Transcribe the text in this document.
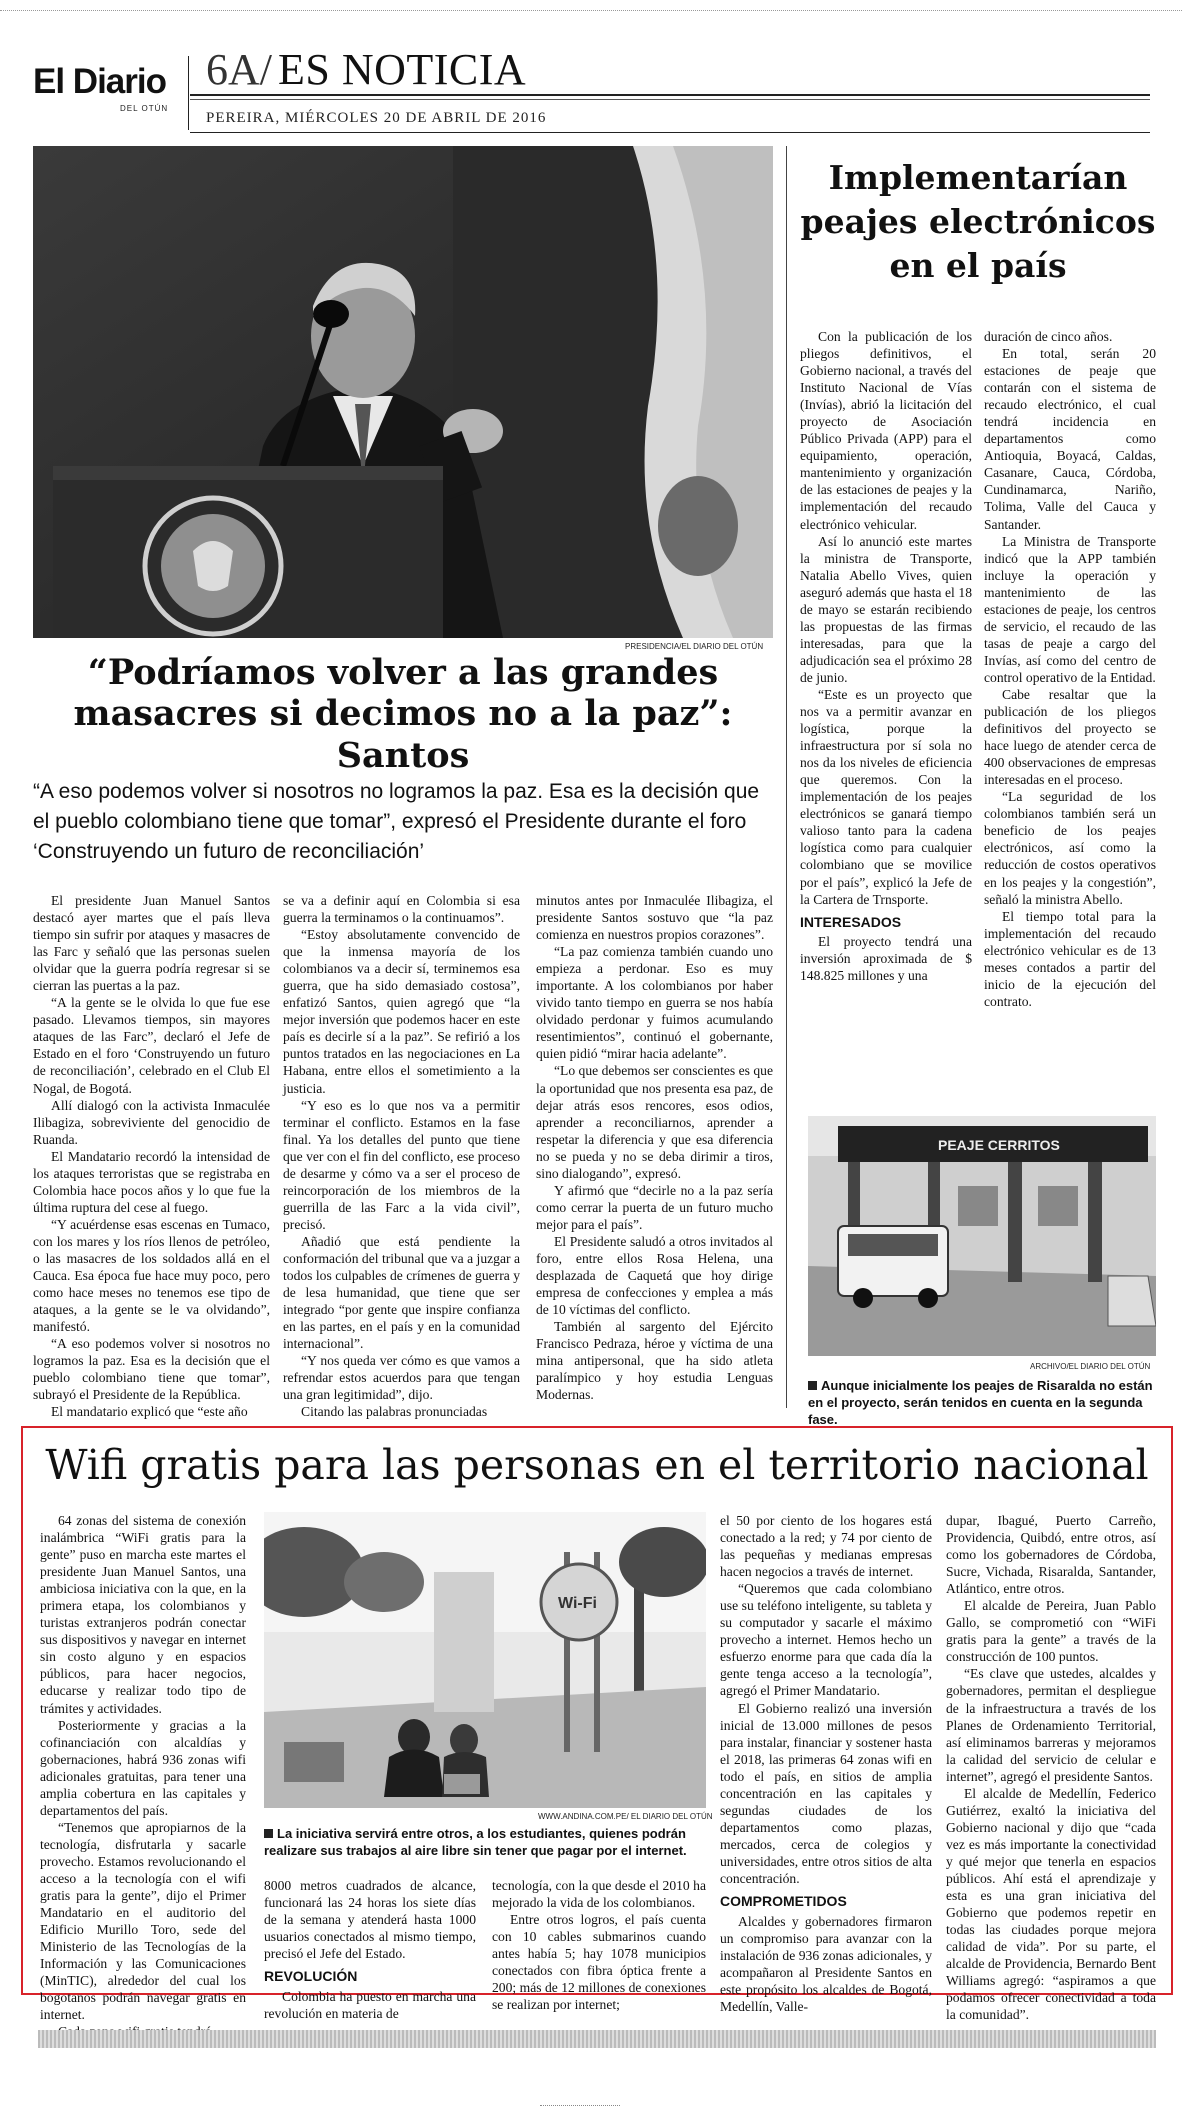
El Diario
DEL OTÚN
6A/ ES NOTICIA
PEREIRA, MIÉRCOLES 20 DE ABRIL DE 2016
PRESIDENCIA/EL DIARIO DEL OTÚN
“Podríamos volver a las grandes masacres si decimos no a la paz”: Santos
“A eso podemos volver si nosotros no logramos la paz. Esa es la decisión que el pueblo colombiano tiene que tomar”, expresó el Presidente durante el foro ‘Construyendo un futuro de reconciliación’

El presidente Juan Manuel Santos destacó ayer martes que el país lleva tiempo sin sufrir por ataques y masacres de las Farc y señaló que las personas suelen olvidar que la guerra podría regresar si se cierran las puertas a la paz.

“A la gente se le olvida lo que fue ese pasado. Llevamos tiempos, sin mayores ataques de las Farc”, declaró el Jefe de Estado en el foro ‘Construyendo un futuro de reconciliación’, celebrado en el Club El Nogal, de Bogotá.

Allí dialogó con la activista Inmaculée Ilibagiza, sobreviviente del genocidio de Ruanda.

El Mandatario recordó la intensidad de los ataques terroristas que se registraba en Colombia hace pocos años y lo que fue la última ruptura del cese al fuego.

“Y acuérdense esas escenas en Tumaco, con los mares y los ríos llenos de petróleo, o las masacres de los soldados allá en el Cauca. Esa época fue hace muy poco, pero como hace meses no tenemos ese tipo de ataques, a la gente se le va olvidando”, manifestó.

“A eso podemos volver si nosotros no logramos la paz. Esa es la decisión que el pueblo colombiano tiene que tomar”, subrayó el Presidente de la República.

El mandatario explicó que “este año

se va a definir aquí en Colombia si esa guerra la terminamos o la continuamos”.

“Estoy absolutamente convencido de que la inmensa mayoría de los colombianos va a decir sí, terminemos esa guerra, que ha sido demasiado costosa”, enfatizó Santos, quien agregó que “la mejor inversión que podemos hacer en este país es decirle sí a la paz”. Se refirió a los puntos tratados en las negociaciones en La Habana, entre ellos el sometimiento a la justicia.

“Y eso es lo que nos va a permitir terminar el conflicto. Estamos en la fase final. Ya los detalles del punto que tiene que ver con el fin del conflicto, ese proceso de desarme y cómo va a ser el proceso de reincorporación de los miembros de la guerrilla de las Farc a la vida civil”, precisó.

Añadió que está pendiente la conformación del tribunal que va a juzgar a todos los culpables de crímenes de guerra y de lesa humanidad, que tiene que ser integrado “por gente que inspire confianza en las partes, en el país y en la comunidad internacional”.

“Y nos queda ver cómo es que vamos a refrendar estos acuerdos para que tengan una gran legitimidad”, dijo.

Citando las palabras pronunciadas

minutos antes por Inmaculée Ilibagiza, el presidente Santos sostuvo que “la paz comienza en nuestros propios corazones”.

“La paz comienza también cuando uno empieza a perdonar. Eso es muy importante. A los colombianos por haber vivido tanto tiempo en guerra se nos había olvidado perdonar y fuimos acumulando resentimientos”, continuó el gobernante, quien pidió “mirar hacia adelante”.

“Lo que debemos ser conscientes es que la oportunidad que nos presenta esa paz, de dejar atrás esos rencores, esos odios, aprender a reconciliarnos, aprender a respetar la diferencia y que esa diferencia no se pueda y no se deba dirimir a tiros, sino dialogando”, expresó.

Y afirmó que “decirle no a la paz sería como cerrar la puerta de un futuro mucho mejor para el país”.

El Presidente saludó a otros invitados al foro, entre ellos Rosa Helena, una desplazada de Caquetá que hoy dirige empresa de confecciones y emplea a más de 10 víctimas del conflicto.

También al sargento del Ejército Francisco Pedraza, héroe y víctima de una mina antipersonal, que ha sido atleta paralímpico y hoy estudia Lenguas Modernas.

Implementarían peajes electrónicos en el país

Con la publicación de los pliegos definitivos, el Gobierno nacional, a través del Instituto Nacional de Vías (Invías), abrió la licitación del proyecto de Asociación Público Privada (APP) para el equipamiento, operación, mantenimiento y organización de las estaciones de peajes y la implementación del recaudo electrónico vehicular.

Así lo anunció este martes la ministra de Transporte, Natalia Abello Vives, quien aseguró además que hasta el 18 de mayo se estarán recibiendo las propuestas de las firmas interesadas, para que la adjudicación sea el próximo 28 de junio.

“Este es un proyecto que nos va a permitir avanzar en logística, porque la infraestructura por sí sola no nos da los niveles de eficiencia que queremos. Con la implementación de los peajes electrónicos se ganará tiempo valioso tanto para la cadena logística como para cualquier colombiano que se movilice por el país”, explicó la Jefe de la Cartera de Trnsporte.

INTERESADOS

El proyecto tendrá una inversión aproximada de $ 148.825 millones y una

duración de cinco años.

En total, serán 20 estaciones de peaje que contarán con el sistema de recaudo electrónico, el cual tendrá incidencia en departamentos como Antioquia, Boyacá, Caldas, Casanare, Cauca, Córdoba, Cundinamarca, Nariño, Tolima, Valle del Cauca y Santander.

La Ministra de Transporte indicó que la APP también incluye la operación y mantenimiento de las estaciones de peaje, los centros de servicio, el recaudo de las tasas de peaje a cargo del Invías, así como del centro de control operativo de la Entidad.

Cabe resaltar que la publicación de los pliegos definitivos del proyecto se hace luego de atender cerca de 400 observaciones de empresas interesadas en el proceso.

“La seguridad de los colombianos también será un beneficio de los peajes electrónicos, así como la reducción de costos operativos en los peajes y la congestión”, señaló la ministra Abello.

El tiempo total para la implementación del recaudo electrónico vehicular es de 13 meses contados a partir del inicio de la ejecución del contrato.

PEAJE CERRITOS
ARCHIVO/EL DIARIO DEL OTÚN
Aunque inicialmente los peajes de Risaralda no están en el proyecto, serán tenidos en cuenta en la segunda fase.
Wifi gratis para las personas en el territorio nacional

64 zonas del sistema de conexión inalámbrica “WiFi gratis para la gente” puso en marcha este martes el presidente Juan Manuel Santos, una ambiciosa iniciativa con la que, en la primera etapa, los colombianos y turistas extranjeros podrán conectar sus dispositivos y navegar en internet sin costo alguno y en espacios públicos, para hacer negocios, educarse y realizar todo tipo de trámites y actividades.

Posteriormente y gracias a la cofinanciación con alcaldías y gobernaciones, habrá 936 zonas wifi adicionales gratuitas, para tener una amplia cobertura en las capitales y departamentos del país.

“Tenemos que apropiarnos de la tecnología, disfrutarla y sacarle provecho. Estamos revolucionando el acceso a la tecnología con el wifi gratis para la gente”, dijo el Primer Mandatario en el auditorio del Edificio Murillo Toro, sede del Ministerio de las Tecnologías de la Información y las Comunicaciones (MinTIC), alrededor del cual los bogotanos podrán navegar gratis en internet.

Wi-Fi
WWW.ANDINA.COM.PE/ EL DIARIO DEL OTÚN
La iniciativa servirá entre otros, a los estudiantes, quienes podrán realizare sus trabajos al aire libre sin tener que pagar por el internet.

8000 metros cuadrados de alcance, funcionará las 24 horas los siete días de la semana y atenderá hasta 1000 usuarios conectados al mismo tiempo, precisó el Jefe del Estado.

REVOLUCIÓN

Colombia ha puesto en marcha una revolución en materia de

tecnología, con la que desde el 2010 ha mejorado la vida de los colombianos.

Entre otros logros, el país cuenta con 10 cables submarinos cuando antes había 5; hay 1078 municipios conectados con fibra óptica frente a 200; más de 12 millones de conexiones se realizan por internet;

el 50 por ciento de los hogares está conectado a la red; y 74 por ciento de las pequeñas y medianas empresas hacen negocios a través de internet.

“Queremos que cada colombiano use su teléfono inteligente, su tableta y su computador y sacarle el máximo provecho a internet. Hemos hecho un esfuerzo enorme para que cada día la gente tenga acceso a la tecnología”, agregó el Primer Mandatario.

El Gobierno realizó una inversión inicial de 13.000 millones de pesos para instalar, financiar y sostener hasta el 2018, las primeras 64 zonas wifi en todo el país, en sitios de amplia concentración en las capitales y segundas ciudades de los departamentos como plazas, mercados, cerca de colegios y universidades, entre otros sitios de alta concentración.

COMPROMETIDOS

Alcaldes y gobernadores firmaron un compromiso para avanzar con la instalación de 936 zonas adicionales, y acompañaron al Presidente Santos en este propósito los alcaldes de Bogotá, Medellín, Valle-

dupar, Ibagué, Puerto Carreño, Providencia, Quibdó, entre otros, así como los gobernadores de Córdoba, Sucre, Vichada, Risaralda, Santander, Atlántico, entre otros.

El alcalde de Pereira, Juan Pablo Gallo, se comprometió con “WiFi gratis para la gente” a través de la construcción de 100 puntos.

“Es clave que ustedes, alcaldes y gobernadores, permitan el despliegue de la infraestructura a través de los Planes de Ordenamiento Territorial, así eliminamos barreras y mejoramos la calidad del servicio de celular e internet”, agregó el presidente Santos.

El alcalde de Medellín, Federico Gutiérrez, exaltó la iniciativa del Gobierno nacional y dijo que “cada vez es más importante la conectividad y qué mejor que tenerla en espacios públicos. Ahí está el aprendizaje y esta es una gran iniciativa del Gobierno que podemos repetir en todas las ciudades porque mejora calidad de vida”. Por su parte, el alcalde de Providencia, Bernardo Bent Williams agregó: “aspiramos a que podamos ofrecer conectividad a toda la comunidad”.
